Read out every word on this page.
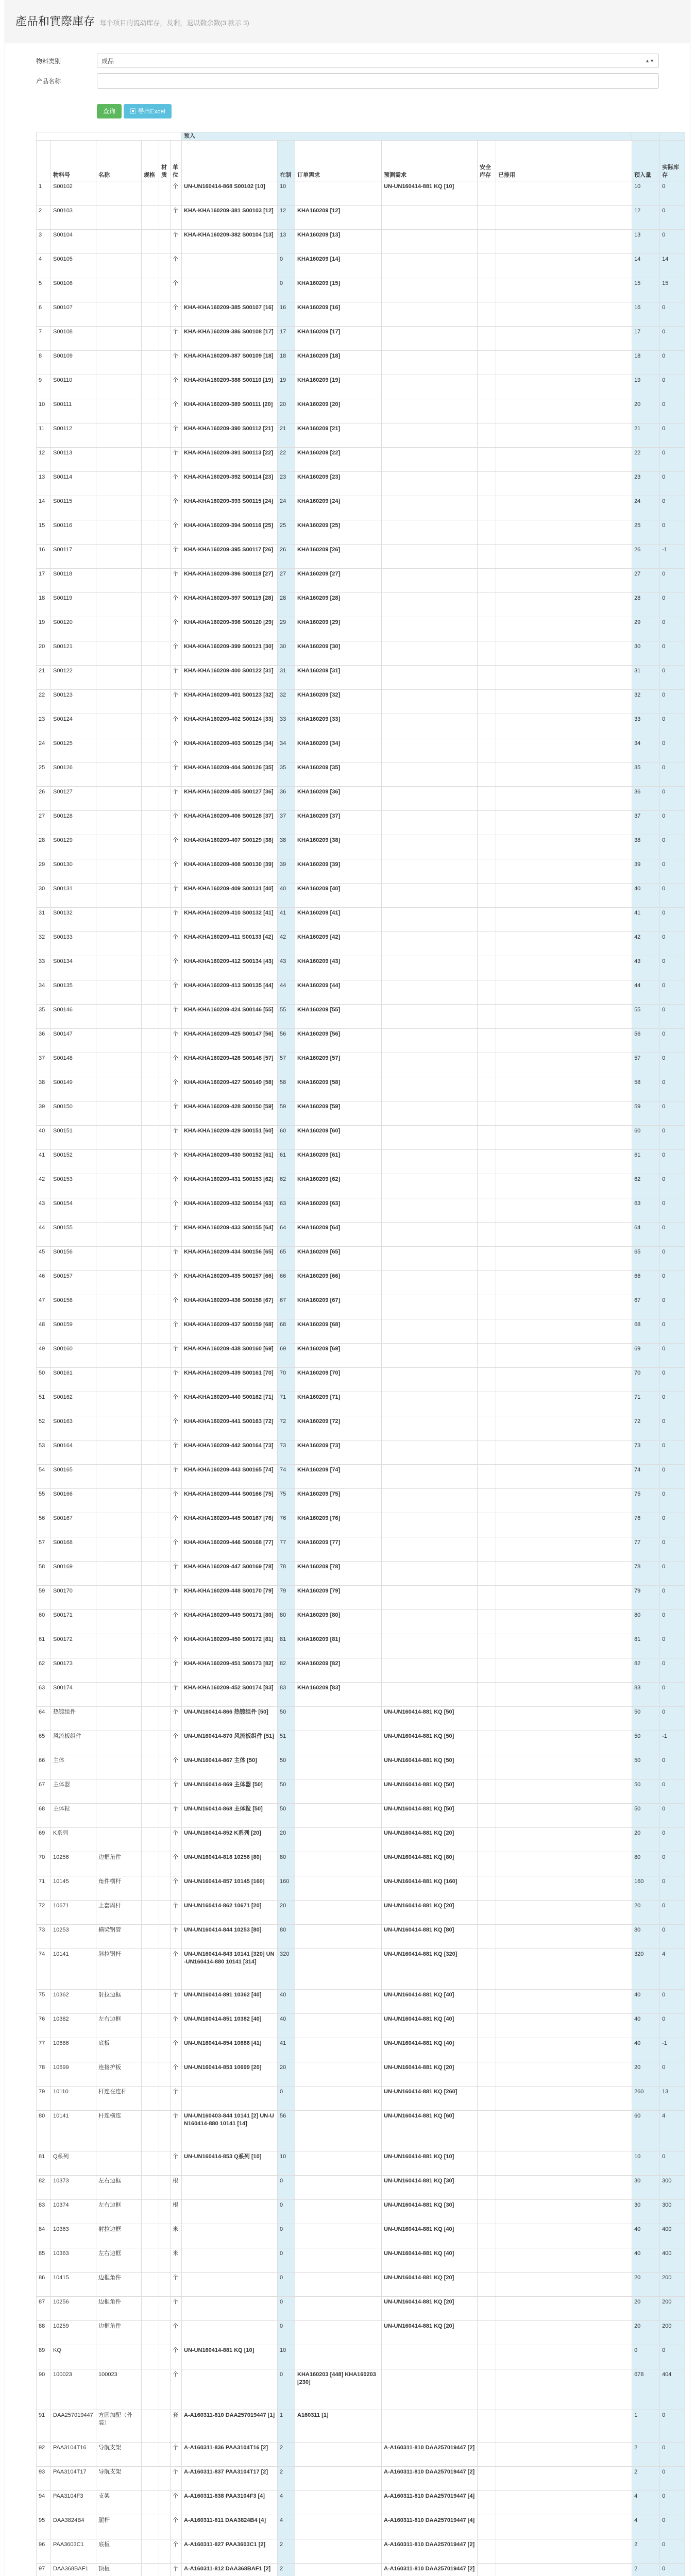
產品和實際庫存 每个项目的流动库存，及剩，退以数余数(3 款示 3)
物料类别	成品	▲▼
产品名称
查询	▣ 导出Excel
						预入							
	物料号	名称	规格	材质	单位		在制	订单需求	预测需求	安全库存	已排用	预入量	实际库存
1	S00102				个	UN-UN160414-868 S00102 [10]	10		UN-UN160414-881 KQ [10]			10	0
2	S00103				个	KHA-KHA160209-381 S00103 [12]	12	KHA160209 [12]				12	0
3	S00104				个	KHA-KHA160209-382 S00104 [13]	13	KHA160209 [13]				13	0
4	S00105				个		0	KHA160209 [14]				14	14
5	S00106				个		0	KHA160209 [15]				15	15
6	S00107				个	KHA-KHA160209-385 S00107 [16]	16	KHA160209 [16]				16	0
7	S00108				个	KHA-KHA160209-386 S00108 [17]	17	KHA160209 [17]				17	0
8	S00109				个	KHA-KHA160209-387 S00109 [18]	18	KHA160209 [18]				18	0
9	S00110				个	KHA-KHA160209-388 S00110 [19]	19	KHA160209 [19]				19	0
10	S00111				个	KHA-KHA160209-389 S00111 [20]	20	KHA160209 [20]				20	0
11	S00112				个	KHA-KHA160209-390 S00112 [21]	21	KHA160209 [21]				21	0
12	S00113				个	KHA-KHA160209-391 S00113 [22]	22	KHA160209 [22]				22	0
13	S00114				个	KHA-KHA160209-392 S00114 [23]	23	KHA160209 [23]				23	0
14	S00115				个	KHA-KHA160209-393 S00115 [24]	24	KHA160209 [24]				24	0
15	S00116				个	KHA-KHA160209-394 S00116 [25]	25	KHA160209 [25]				25	0
16	S00117				个	KHA-KHA160209-395 S00117 [26]	26	KHA160209 [26]				26	-1
17	S00118				个	KHA-KHA160209-396 S00118 [27]	27	KHA160209 [27]				27	0
18	S00119				个	KHA-KHA160209-397 S00119 [28]	28	KHA160209 [28]				28	0
19	S00120				个	KHA-KHA160209-398 S00120 [29]	29	KHA160209 [29]				29	0
20	S00121				个	KHA-KHA160209-399 S00121 [30]	30	KHA160209 [30]				30	0
21	S00122				个	KHA-KHA160209-400 S00122 [31]	31	KHA160209 [31]				31	0
22	S00123				个	KHA-KHA160209-401 S00123 [32]	32	KHA160209 [32]				32	0
23	S00124				个	KHA-KHA160209-402 S00124 [33]	33	KHA160209 [33]				33	0
24	S00125				个	KHA-KHA160209-403 S00125 [34]	34	KHA160209 [34]				34	0
25	S00126				个	KHA-KHA160209-404 S00126 [35]	35	KHA160209 [35]				35	0
26	S00127				个	KHA-KHA160209-405 S00127 [36]	36	KHA160209 [36]				36	0
27	S00128				个	KHA-KHA160209-406 S00128 [37]	37	KHA160209 [37]				37	0
28	S00129				个	KHA-KHA160209-407 S00129 [38]	38	KHA160209 [38]				38	0
29	S00130				个	KHA-KHA160209-408 S00130 [39]	39	KHA160209 [39]				39	0
30	S00131				个	KHA-KHA160209-409 S00131 [40]	40	KHA160209 [40]				40	0
31	S00132				个	KHA-KHA160209-410 S00132 [41]	41	KHA160209 [41]				41	0
32	S00133				个	KHA-KHA160209-411 S00133 [42]	42	KHA160209 [42]				42	0
33	S00134				个	KHA-KHA160209-412 S00134 [43]	43	KHA160209 [43]				43	0
34	S00135				个	KHA-KHA160209-413 S00135 [44]	44	KHA160209 [44]				44	0
35	S00146				个	KHA-KHA160209-424 S00146 [55]	55	KHA160209 [55]				55	0
36	S00147				个	KHA-KHA160209-425 S00147 [56]	56	KHA160209 [56]				56	0
37	S00148				个	KHA-KHA160209-426 S00148 [57]	57	KHA160209 [57]				57	0
38	S00149				个	KHA-KHA160209-427 S00149 [58]	58	KHA160209 [58]				58	0
39	S00150				个	KHA-KHA160209-428 S00150 [59]	59	KHA160209 [59]				59	0
40	S00151				个	KHA-KHA160209-429 S00151 [60]	60	KHA160209 [60]				60	0
41	S00152				个	KHA-KHA160209-430 S00152 [61]	61	KHA160209 [61]				61	0
42	S00153				个	KHA-KHA160209-431 S00153 [62]	62	KHA160209 [62]				62	0
43	S00154				个	KHA-KHA160209-432 S00154 [63]	63	KHA160209 [63]				63	0
44	S00155				个	KHA-KHA160209-433 S00155 [64]	64	KHA160209 [64]				64	0
45	S00156				个	KHA-KHA160209-434 S00156 [65]	65	KHA160209 [65]				65	0
46	S00157				个	KHA-KHA160209-435 S00157 [66]	66	KHA160209 [66]				66	0
47	S00158				个	KHA-KHA160209-436 S00158 [67]	67	KHA160209 [67]				67	0
48	S00159				个	KHA-KHA160209-437 S00159 [68]	68	KHA160209 [68]				68	0
49	S00160				个	KHA-KHA160209-438 S00160 [69]	69	KHA160209 [69]				69	0
50	S00161				个	KHA-KHA160209-439 S00161 [70]	70	KHA160209 [70]				70	0
51	S00162				个	KHA-KHA160209-440 S00162 [71]	71	KHA160209 [71]				71	0
52	S00163				个	KHA-KHA160209-441 S00163 [72]	72	KHA160209 [72]				72	0
53	S00164				个	KHA-KHA160209-442 S00164 [73]	73	KHA160209 [73]				73	0
54	S00165				个	KHA-KHA160209-443 S00165 [74]	74	KHA160209 [74]				74	0
55	S00166				个	KHA-KHA160209-444 S00166 [75]	75	KHA160209 [75]				75	0
56	S00167				个	KHA-KHA160209-445 S00167 [76]	76	KHA160209 [76]				76	0
57	S00168				个	KHA-KHA160209-446 S00168 [77]	77	KHA160209 [77]				77	0
58	S00169				个	KHA-KHA160209-447 S00169 [78]	78	KHA160209 [78]				78	0
59	S00170				个	KHA-KHA160209-448 S00170 [79]	79	KHA160209 [79]				79	0
60	S00171				个	KHA-KHA160209-449 S00171 [80]	80	KHA160209 [80]				80	0
61	S00172				个	KHA-KHA160209-450 S00172 [81]	81	KHA160209 [81]				81	0
62	S00173				个	KHA-KHA160209-451 S00173 [82]	82	KHA160209 [82]				82	0
63	S00174				个	KHA-KHA160209-452 S00174 [83]	83	KHA160209 [83]				83	0
64	热镀组件				个	UN-UN160414-866 热镀组件 [50]	50		UN-UN160414-881 KQ [50]			50	0
65	风流板组件				个	UN-UN160414-870 风流板组件 [51]	51		UN-UN160414-881 KQ [50]			50	-1
66	主体				个	UN-UN160414-867 主体 [50]	50		UN-UN160414-881 KQ [50]			50	0
67	主体器				个	UN-UN160414-869 主体器 [50]	50		UN-UN160414-881 KQ [50]			50	0
68	主体粒				个	UN-UN160414-868 主体粒 [50]	50		UN-UN160414-881 KQ [50]			50	0
69	K系列				个	UN-UN160414-852 K系列 [20]	20		UN-UN160414-881 KQ [20]			20	0
70	10256	边框角件			个	UN-UN160414-818 10256 [80]	80		UN-UN160414-881 KQ [80]			80	0
71	10145	角件横杆			个	UN-UN160414-857 10145 [160]	160		UN-UN160414-881 KQ [160]			160	0
72	10671	上套周杆			个	UN-UN160414-862 10671 [20]	20		UN-UN160414-881 KQ [20]			20	0
73	10253	横梁钢管			个	UN-UN160414-844 10253 [80]	80		UN-UN160414-881 KQ [80]			80	0
74	10141	斜拉钢杆			个	UN-UN160414-843 10141 [320] UN-UN160414-880 10141 [314]	320		UN-UN160414-881 KQ [320]			320	4
75	10362	射拉边框			个	UN-UN160414-891 10362 [40]	40		UN-UN160414-881 KQ [40]			40	0
76	10382	左右边框			个	UN-UN160414-851 10382 [40]	40		UN-UN160414-881 KQ [40]			40	0
77	10686	底板			个	UN-UN160414-854 10686 [41]	41		UN-UN160414-881 KQ [40]			40	-1
78	10699	连接护板			个	UN-UN160414-853 10699 [20]	20		UN-UN160414-881 KQ [20]			20	0
79	10110	杆连在连杆			个		0		UN-UN160414-881 KQ [260]			260	13
80	10141	杆连横连			个	UN-UN160403-844 10141 [2] UN-UN160414-880 10141 [14]	56		UN-UN160414-881 KQ [60]			60	4
81	Q系列				个	UN-UN160414-853 Q系列 [10]	10		UN-UN160414-881 KQ [10]			10	0
82	10373	左右边框			根		0		UN-UN160414-881 KQ [30]			30	300
83	10374	左右边框			根		0		UN-UN160414-881 KQ [30]			30	300
84	10363	射拉边框			米		0		UN-UN160414-881 KQ [40]			40	400
85	10363	左右边框			米		0		UN-UN160414-881 KQ [40]			40	400
86	10415	边框角件			个		0		UN-UN160414-881 KQ [20]			20	200
87	10256	边框角件			个		0		UN-UN160414-881 KQ [20]			20	200
88	10259	边框角件			个		0		UN-UN160414-881 KQ [20]			20	200
89	KQ				个	UN-UN160414-881 KQ [10]	10					0	0
90	100023	100023			个		0	KHA160203 [448] KHA160203 [230]				678	404
91	DAA257019447	方圆加配（外装）			套	A-A160311-810 DAA257019447 [1]	1	A160311 [1]				1	0
92	PAA3104T16	导航支架			个	A-A160311-836 PAA3104T16 [2]	2		A-A160311-810 DAA257019447 [2]			2	0
93	PAA3104T17	导航支架			个	A-A160311-837 PAA3104T17 [2]	2		A-A160311-810 DAA257019447 [2]			2	0
94	PAA3104F3	支架			个	A-A160311-838 PAA3104F3 [4]	4		A-A160311-810 DAA257019447 [4]			4	0
95	DAA3824B4	腿杆			个	A-A160311-811 DAA3824B4 [4]	4		A-A160311-810 DAA257019447 [4]			4	0
96	PAA3603C1	底板			个	A-A160311-827 PAA3603C1 [2]	2		A-A160311-810 DAA257019447 [2]			2	0
97	DAA368BAF1	顶板			个	A-A160311-812 DAA368BAF1 [2]	2		A-A160311-810 DAA257019447 [2]			2	0
